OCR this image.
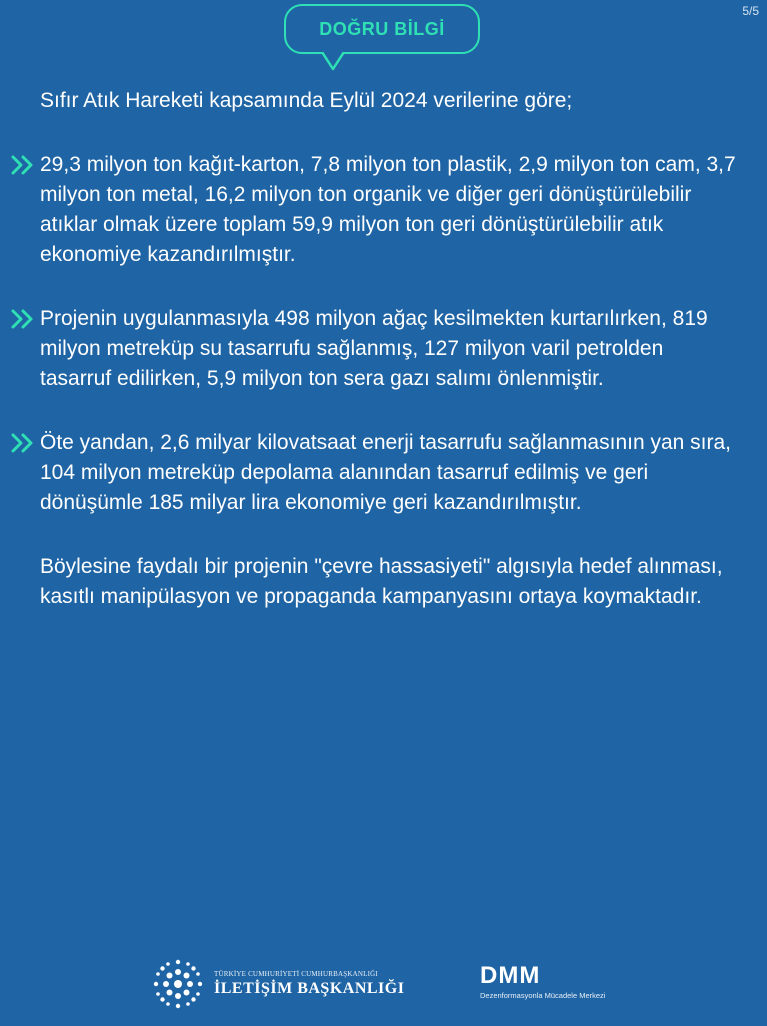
5/5
DOĞRU BİLGİ

Sıfır Atık Hareketi kapsamında Eylül 2024 verilerine göre;

29,3 milyon ton kağıt-karton, 7,8 milyon ton plastik, 2,9 milyon ton cam, 3,7 milyon ton metal, 16,2 milyon ton organik ve diğer geri dönüştürülebilir atıklar olmak üzere toplam 59,9 milyon ton geri dönüştürülebilir atık ekonomiye kazandırılmıştır.
Projenin uygulanmasıyla 498 milyon ağaç kesilmekten kurtarılırken, 819 milyon metreküp su tasarrufu sağlanmış, 127 milyon varil petrolden tasarruf edilirken, 5,9 milyon ton sera gazı salımı önlenmiştir.
Öte yandan, 2,6 milyar kilovatsaat enerji tasarrufu sağlanmasının yan sıra, 104 milyon metreküp depolama alanından tasarruf edilmiş ve geri dönüşümle 185 milyar lira ekonomiye geri kazandırılmıştır.

Böylesine faydalı bir projenin "çevre hassasiyeti" algısıyla hedef alınması, kasıtlı manipülasyon ve propaganda kampanyasını ortaya koymaktadır.

TÜRKİYE CUMHURİYETİ CUMHURBAŞKANLIĞI
İLETİŞİM BAŞKANLIĞI	DMM
Dezenformasyonla Mücadele Merkezi
